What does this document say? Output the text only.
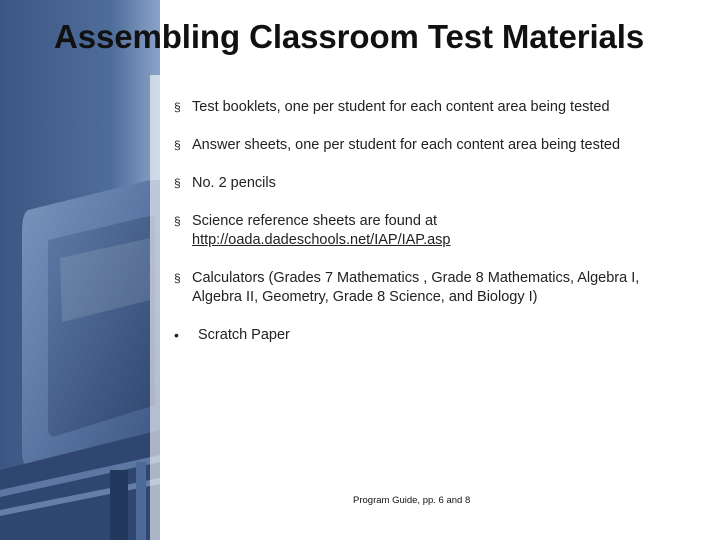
Assembling Classroom Test Materials
§ Test booklets, one per student for each content area being tested
§ Answer sheets, one per student for each content area being tested
§ No. 2 pencils
§ Science reference sheets are found at http://oada.dadeschools.net/IAP/IAP.asp
§ Calculators (Grades 7 Mathematics , Grade 8 Mathematics, Algebra I, Algebra II, Geometry, Grade 8 Science, and Biology I)
• Scratch Paper
Program Guide, pp. 6 and 8
